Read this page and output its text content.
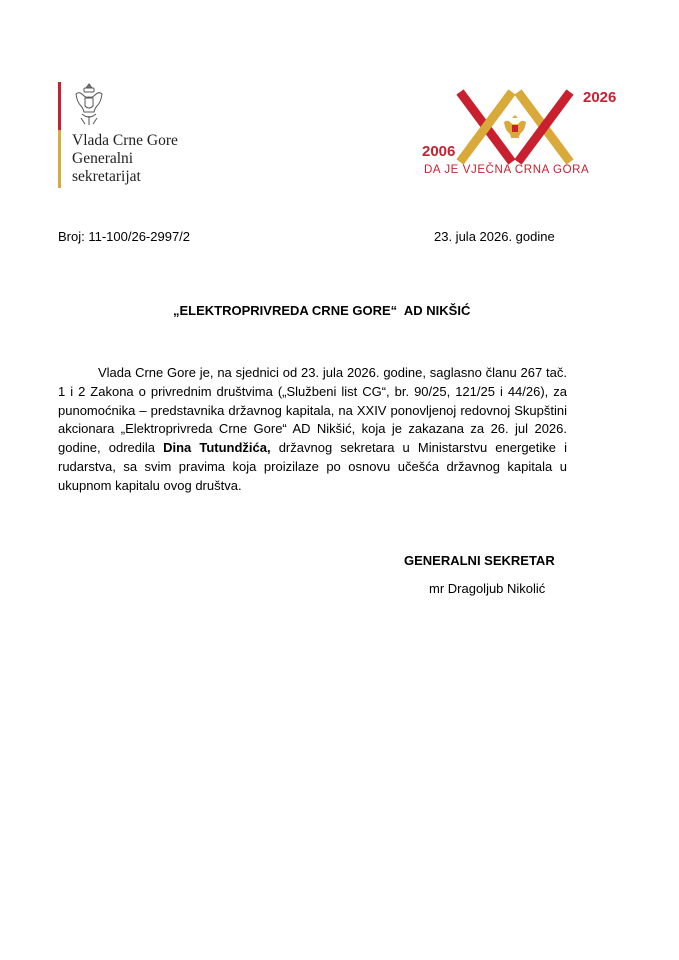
Vlada Crne Gore
Generalni
sekretarijat
2026
2006
DA JE VJEČNA CRNA GORA
Broj: 11-100/26-2997/2	23. jula 2026. godine
„ELEKTROPRIVREDA CRNE GORE“  AD NIKŠIĆ
Vlada Crne Gore je, na sjednici od 23. jula 2026. godine, saglasno članu 267 tač. 1 i 2 Zakona o privrednim društvima („Službeni list CG“, br. 90/25, 121/25 i 44/26), za punomoćnika – predstavnika državnog kapitala, na XXIV ponovljenoj redovnoj Skupštini akcionara „Elektroprivreda Crne Gore“ AD Nikšić, koja je zakazana za 26. jul 2026. godine, odredila Dina Tutundžića, državnog sekretara u Ministarstvu energetike i rudarstva, sa svim pravima koja proizilaze po osnovu učešća državnog kapitala u ukupnom kapitalu ovog društva.
GENERALNI SEKRETAR
mr Dragoljub Nikolić
